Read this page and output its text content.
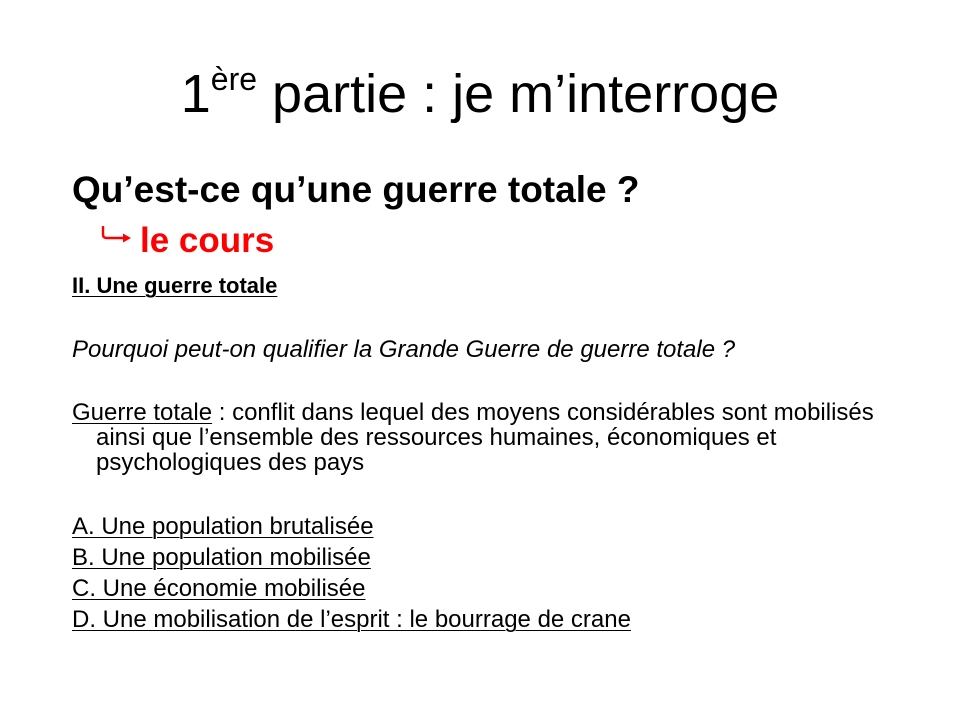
1ère partie : je m’interroge
Qu’est-ce qu’une guerre totale ?
le cours
II. Une guerre totale
Pourquoi peut-on qualifier la Grande Guerre de guerre totale ?

Guerre totale : conflit dans lequel des moyens considérables sont mobilisés ainsi que l’ensemble des ressources humaines, économiques et psychologiques des pays

A. Une population brutalisée
B. Une population mobilisée
C. Une économie mobilisée
D. Une mobilisation de l’esprit : le bourrage de crane
